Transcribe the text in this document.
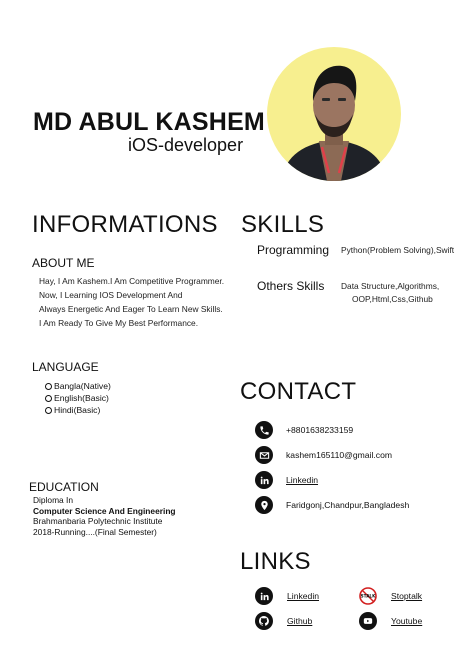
MD ABUL KASHEM
iOS-developer
INFORMATIONS
ABOUT ME
Hay, I Am Kashem.I Am Competitive Programmer.
Now, I Learning IOS Development And
Always Energetic And Eager To Learn New Skills.
I Am Ready To Give My Best Performance.
LANGUAGE
Bangla(Native)
English(Basic)
Hindi(Basic)
EDUCATION
Diploma In
Computer Science And Engineering
Brahmanbaria Polytechnic Institute
2018-Running....(Final Semester)
SKILLS
Programming Python(Problem Solving),Swift
Others Skills Data Structure,Algorithms,
OOP,Html,Css,Github
CONTACT
+8801638233159
kashem165110@gmail.com
Linkedin
Faridgonj,Chandpur,Bangladesh
LINKS
Linkedin	STALK Stoptalk
Github	Youtube
